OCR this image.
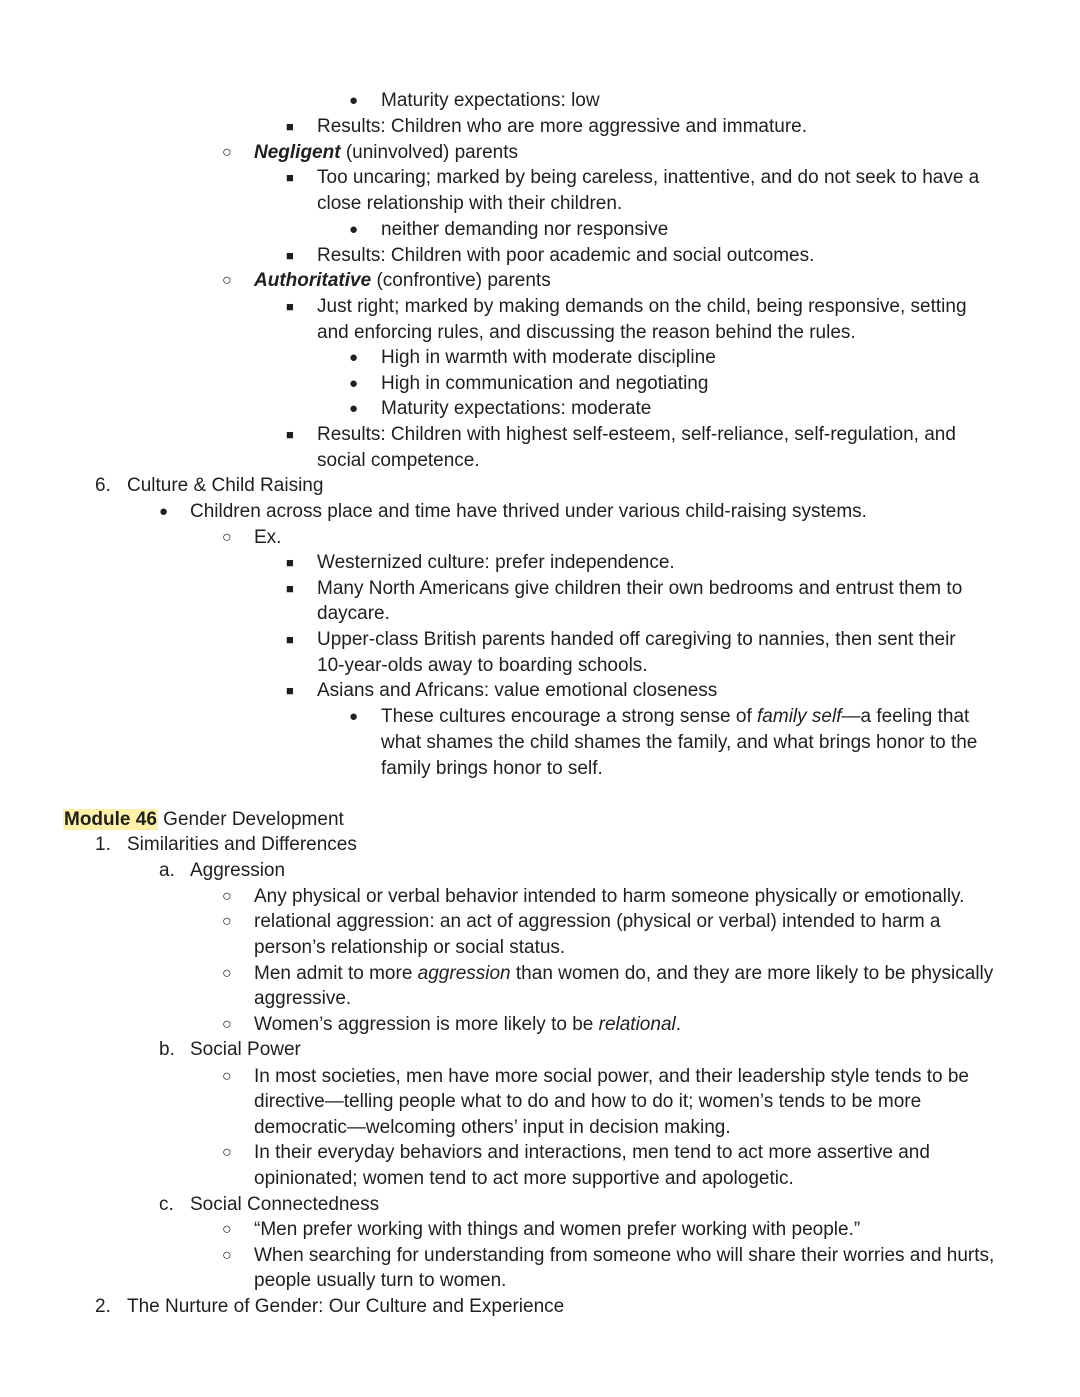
● Maturity expectations: low
■ Results: Children who are more aggressive and immature.
○ Negligent (uninvolved) parents
■ Too uncaring; marked by being careless, inattentive, and do not seek to have a
close relationship with their children.
● neither demanding nor responsive
■ Results: Children with poor academic and social outcomes.
○ Authoritative (confrontive) parents
■ Just right; marked by making demands on the child, being responsive, setting
and enforcing rules, and discussing the reason behind the rules.
● High in warmth with moderate discipline
● High in communication and negotiating
● Maturity expectations: moderate
■ Results: Children with highest self-esteem, self-reliance, self-regulation, and
social competence.
6. Culture & Child Raising
● Children across place and time have thrived under various child-raising systems.
○ Ex.
■ Westernized culture: prefer independence.
■ Many North Americans give children their own bedrooms and entrust them to
daycare.
■ Upper-class British parents handed off caregiving to nannies, then sent their
10-year-olds away to boarding schools.
■ Asians and Africans: value emotional closeness
● These cultures encourage a strong sense of family self—a feeling that
what shames the child shames the family, and what brings honor to the
family brings honor to self.
Module 46 Gender Development
1. Similarities and Differences
a. Aggression
○ Any physical or verbal behavior intended to harm someone physically or emotionally.
○ relational aggression: an act of aggression (physical or verbal) intended to harm a
person’s relationship or social status.
○ Men admit to more aggression than women do, and they are more likely to be physically
aggressive.
○ Women’s aggression is more likely to be relational.
b. Social Power
○ In most societies, men have more social power, and their leadership style tends to be
directive—telling people what to do and how to do it; women’s tends to be more
democratic—welcoming others’ input in decision making.
○ In their everyday behaviors and interactions, men tend to act more assertive and
opinionated; women tend to act more supportive and apologetic.
c. Social Connectedness
○ “Men prefer working with things and women prefer working with people.”
○ When searching for understanding from someone who will share their worries and hurts,
people usually turn to women.
2. The Nurture of Gender: Our Culture and Experience
